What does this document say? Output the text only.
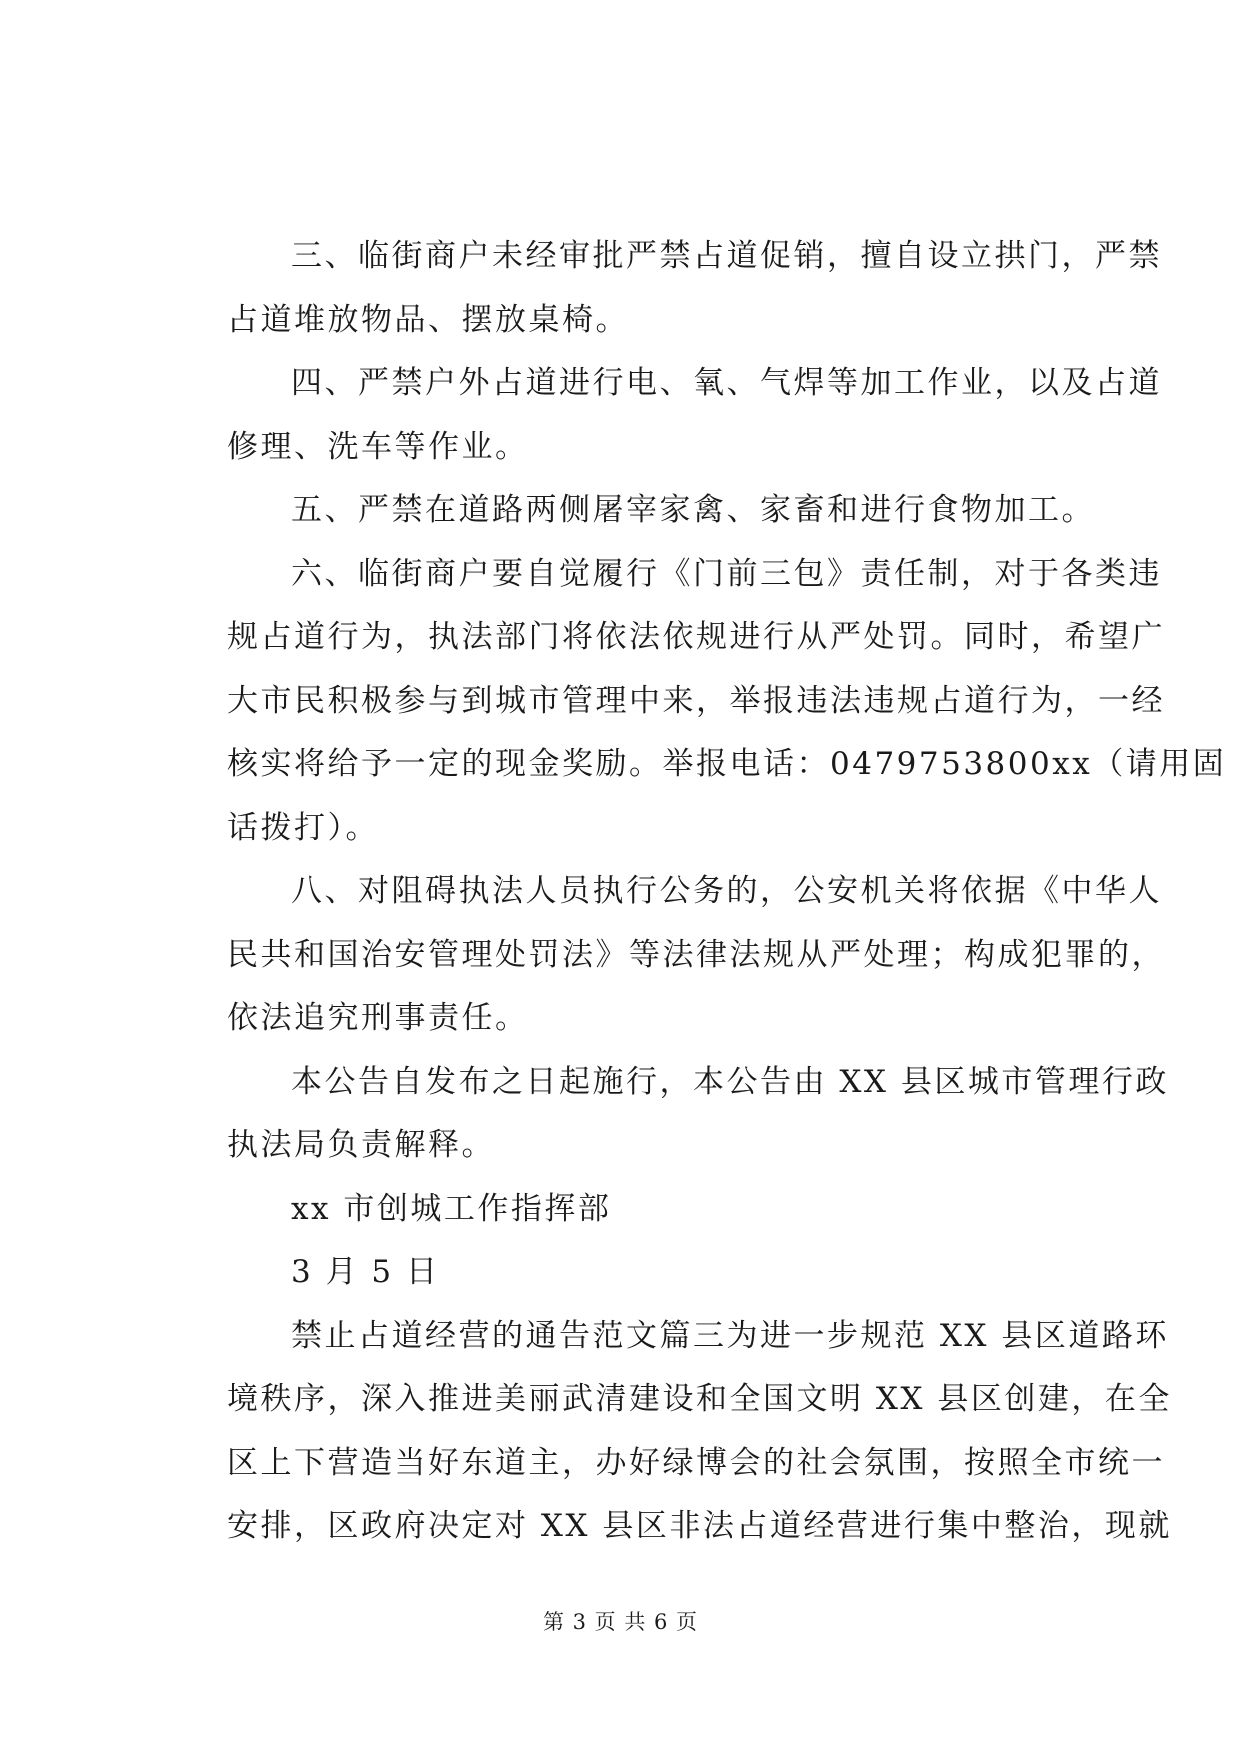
三、临街商户未经审批严禁占道促销，擅自设立拱门，严禁
占道堆放物品、摆放桌椅。
四、严禁户外占道进行电、氧、气焊等加工作业，以及占道
修理、洗车等作业。
五、严禁在道路两侧屠宰家禽、家畜和进行食物加工。
六、临街商户要自觉履行《门前三包》责任制，对于各类违
规占道行为，执法部门将依法依规进行从严处罚。同时，希望广
大市民积极参与到城市管理中来，举报违法违规占道行为，一经
核实将给予一定的现金奖励。举报电话：0479753800xx（请用固
话拨打）。
八、对阻碍执法人员执行公务的，公安机关将依据《中华人
民共和国治安管理处罚法》等法律法规从严处理；构成犯罪的，
依法追究刑事责任。
本公告自发布之日起施行，本公告由 XX 县区城市管理行政
执法局负责解释。
xx 市创城工作指挥部
3 月 5 日
禁止占道经营的通告范文篇三为进一步规范 XX 县区道路环
境秩序，深入推进美丽武清建设和全国文明 XX 县区创建，在全
区上下营造当好东道主，办好绿博会的社会氛围，按照全市统一
安排，区政府决定对 XX 县区非法占道经营进行集中整治，现就
第 3 页 共 6 页
